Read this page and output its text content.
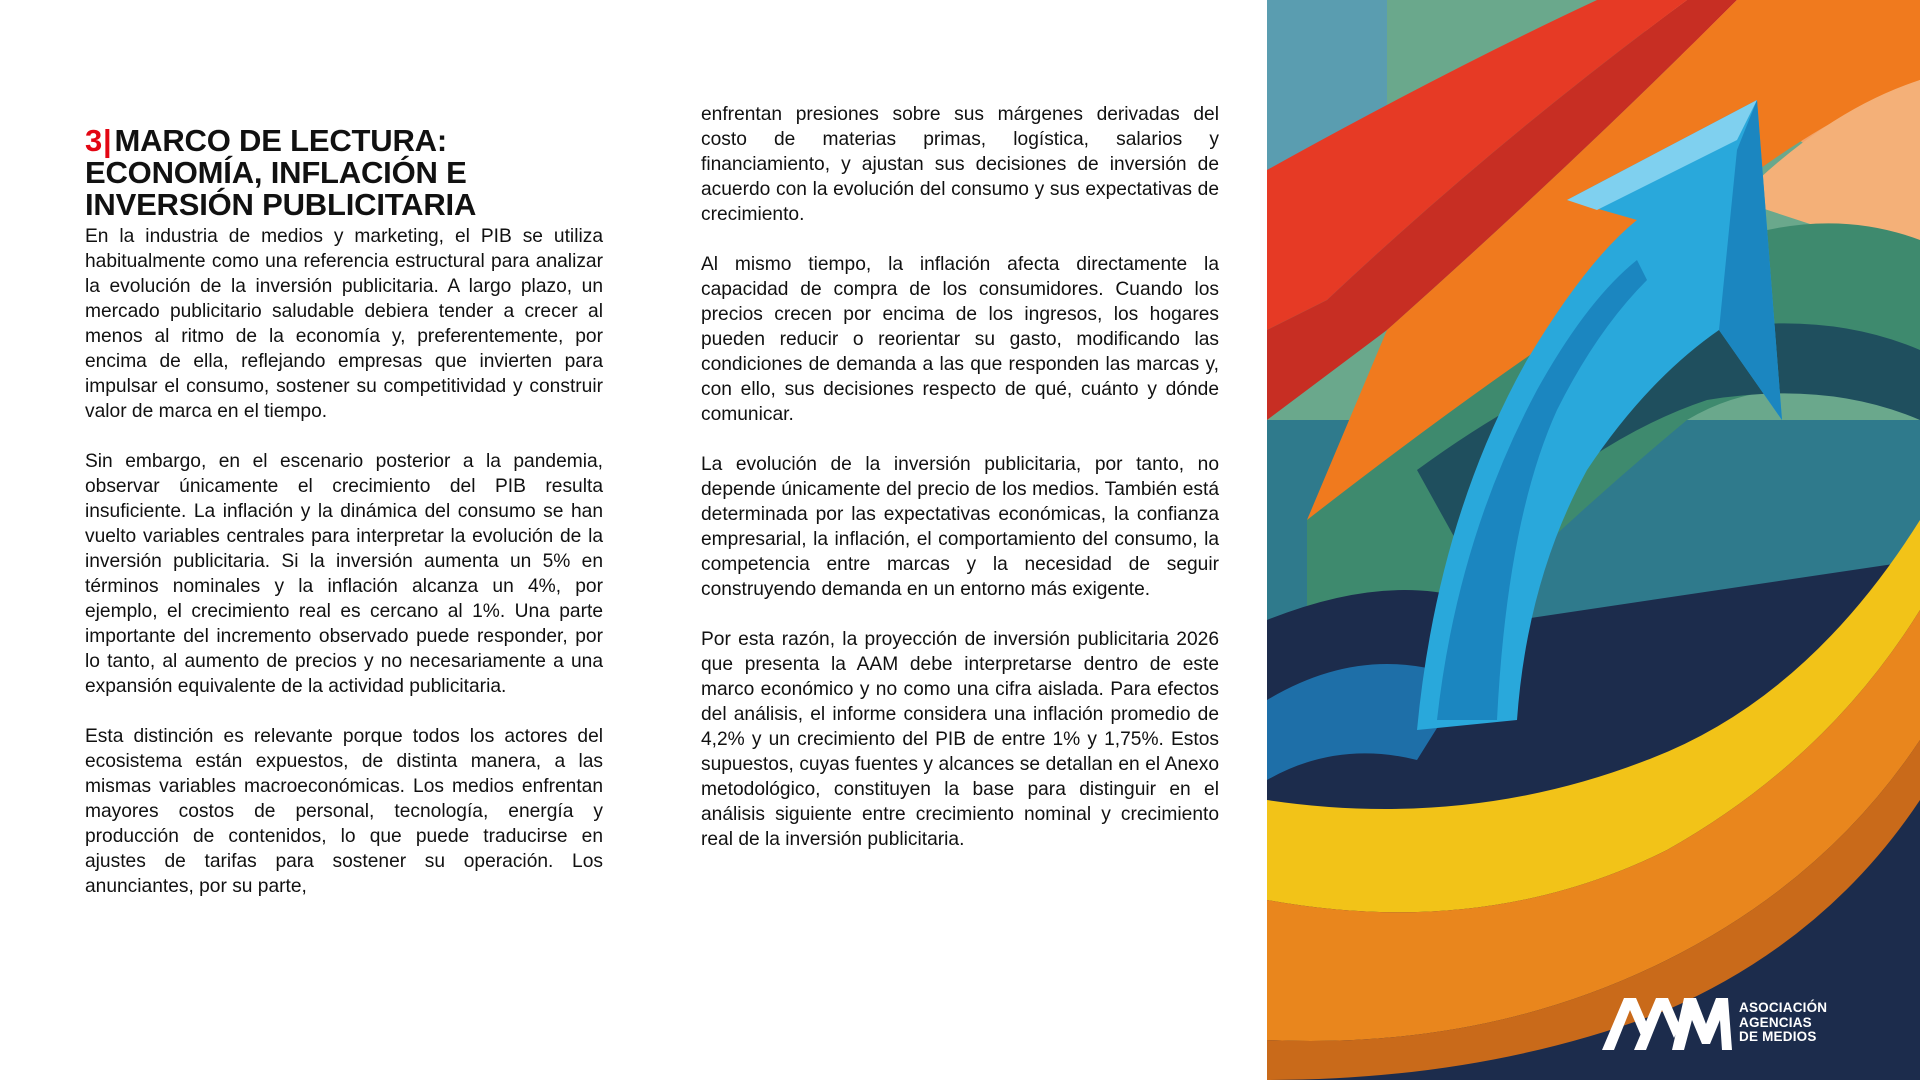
3|MARCO DE LECTURA: ECONOMÍA, INFLACIÓN E INVERSIÓN PUBLICITARIA

En la industria de medios y marketing, el PIB se utiliza habitualmente como una referencia estructural para analizar la evolución de la inversión publicitaria. A largo plazo, un mercado publicitario saludable debiera tender a crecer al menos al ritmo de la economía y, preferentemente, por encima de ella, reflejando empresas que invierten para impulsar el consumo, sostener su competitividad y construir valor de marca en el tiempo.

Sin embargo, en el escenario posterior a la pandemia, observar únicamente el crecimiento del PIB resulta insuficiente. La inflación y la dinámica del consumo se han vuelto variables centrales para interpretar la evolución de la inversión publicitaria. Si la inversión aumenta un 5% en términos nominales y la inflación alcanza un 4%, por ejemplo, el crecimiento real es cercano al 1%. Una parte importante del incremento observado puede responder, por lo tanto, al aumento de precios y no necesariamente a una expansión equivalente de la actividad publicitaria.

Esta distinción es relevante porque todos los actores del ecosistema están expuestos, de distinta manera, a las mismas variables macroeconómicas. Los medios enfrentan mayores costos de personal, tecnología, energía y producción de contenidos, lo que puede traducirse en ajustes de tarifas para sostener su operación. Los anunciantes, por su parte,

enfrentan presiones sobre sus márgenes derivadas del costo de materias primas, logística, salarios y financiamiento, y ajustan sus decisiones de inversión de acuerdo con la evolución del consumo y sus expectativas de crecimiento.

Al mismo tiempo, la inflación afecta directamente la capacidad de compra de los consumidores. Cuando los precios crecen por encima de los ingresos, los hogares pueden reducir o reorientar su gasto, modificando las condiciones de demanda a las que responden las marcas y, con ello, sus decisiones respecto de qué, cuánto y dónde comunicar.

La evolución de la inversión publicitaria, por tanto, no depende únicamente del precio de los medios. También está determinada por las expectativas económicas, la confianza empresarial, la inflación, el comportamiento del consumo, la competencia entre marcas y la necesidad de seguir construyendo demanda en un entorno más exigente.

Por esta razón, la proyección de inversión publicitaria 2026 que presenta la AAM debe interpretarse dentro de este marco económico y no como una cifra aislada. Para efectos del análisis, el informe considera una inflación promedio de 4,2% y un crecimiento del PIB de entre 1% y 1,75%. Estos supuestos, cuyas fuentes y alcances se detallan en el Anexo metodológico, constituyen la base para distinguir en el análisis siguiente entre crecimiento nominal y crecimiento real de la inversión publicitaria.

ASOCIACIÓN
AGENCIAS
DE MEDIOS
